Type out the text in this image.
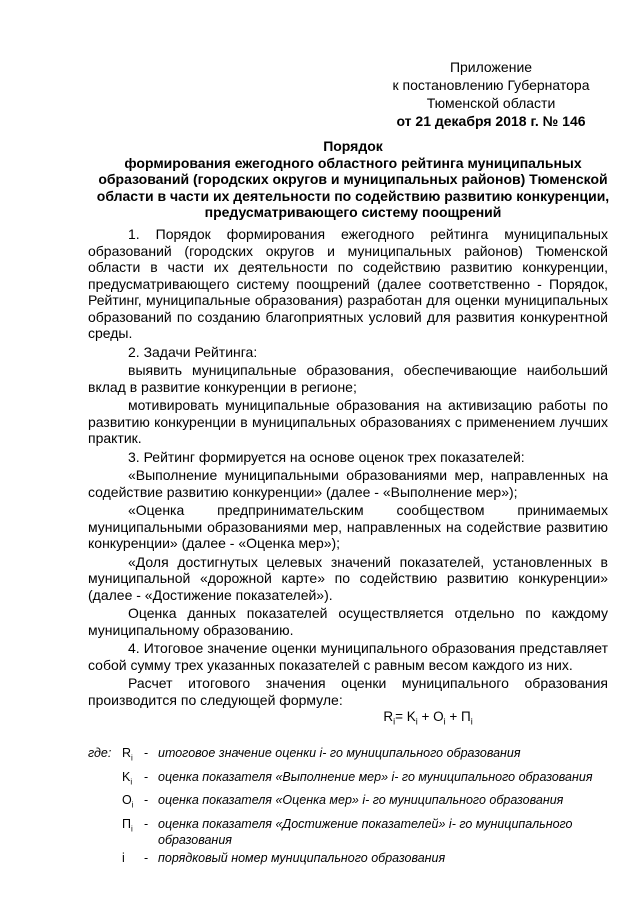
Приложение
к постановлению Губернатора
Тюменской области
от 21 декабря 2018 г. № 146
Порядок
формирования ежегодного областного рейтинга муниципальных образований (городских округов и муниципальных районов) Тюменской области в части их деятельности по содействию развитию конкуренции, предусматривающего систему поощрений

1. Порядок формирования ежегодного рейтинга муниципальных образований (городских округов и муниципальных районов) Тюменской области в части их деятельности по содействию развитию конкуренции, предусматривающего систему поощрений (далее соответственно - Порядок, Рейтинг, муниципальные образования) разработан для оценки муниципальных образований по созданию благоприятных условий для развития конкурентной среды.

2. Задачи Рейтинга:

выявить муниципальные образования, обеспечивающие наибольший вклад в развитие конкуренции в регионе;

мотивировать муниципальные образования на активизацию работы по развитию конкуренции в муниципальных образованиях с применением лучших практик.

3. Рейтинг формируется на основе оценок трех показателей:

«Выполнение муниципальными образованиями мер, направленных на содействие развитию конкуренции» (далее - «Выполнение мер»);

«Оценка предпринимательским сообществом принимаемых муниципальными образованиями мер, направленных на содействие развитию конкуренции» (далее - «Оценка мер»);

«Доля достигнутых целевых значений показателей, установленных в муниципальной «дорожной карте» по содействию развитию конкуренции» (далее - «Достижение показателей»).

Оценка данных показателей осуществляется отдельно по каждому муниципальному образованию.

4. Итоговое значение оценки муниципального образования представляет собой сумму трех указанных показателей с равным весом каждого из них.

Расчет итогового значения оценки муниципального образования производится по следующей формуле:

$R_i= K_i + O_i + П_i$
где: $R_i$ - итоговое значение оценки i- го муниципального образования
$K_i$ - оценка показателя «Выполнение мер» i- го муниципального образования
$O_i$ - оценка показателя «Оценка мер» i- го муниципального образования
$П_i$ - оценка показателя «Достижение показателей» i- го муниципального образования
i	- порядковый номер муниципального образования
